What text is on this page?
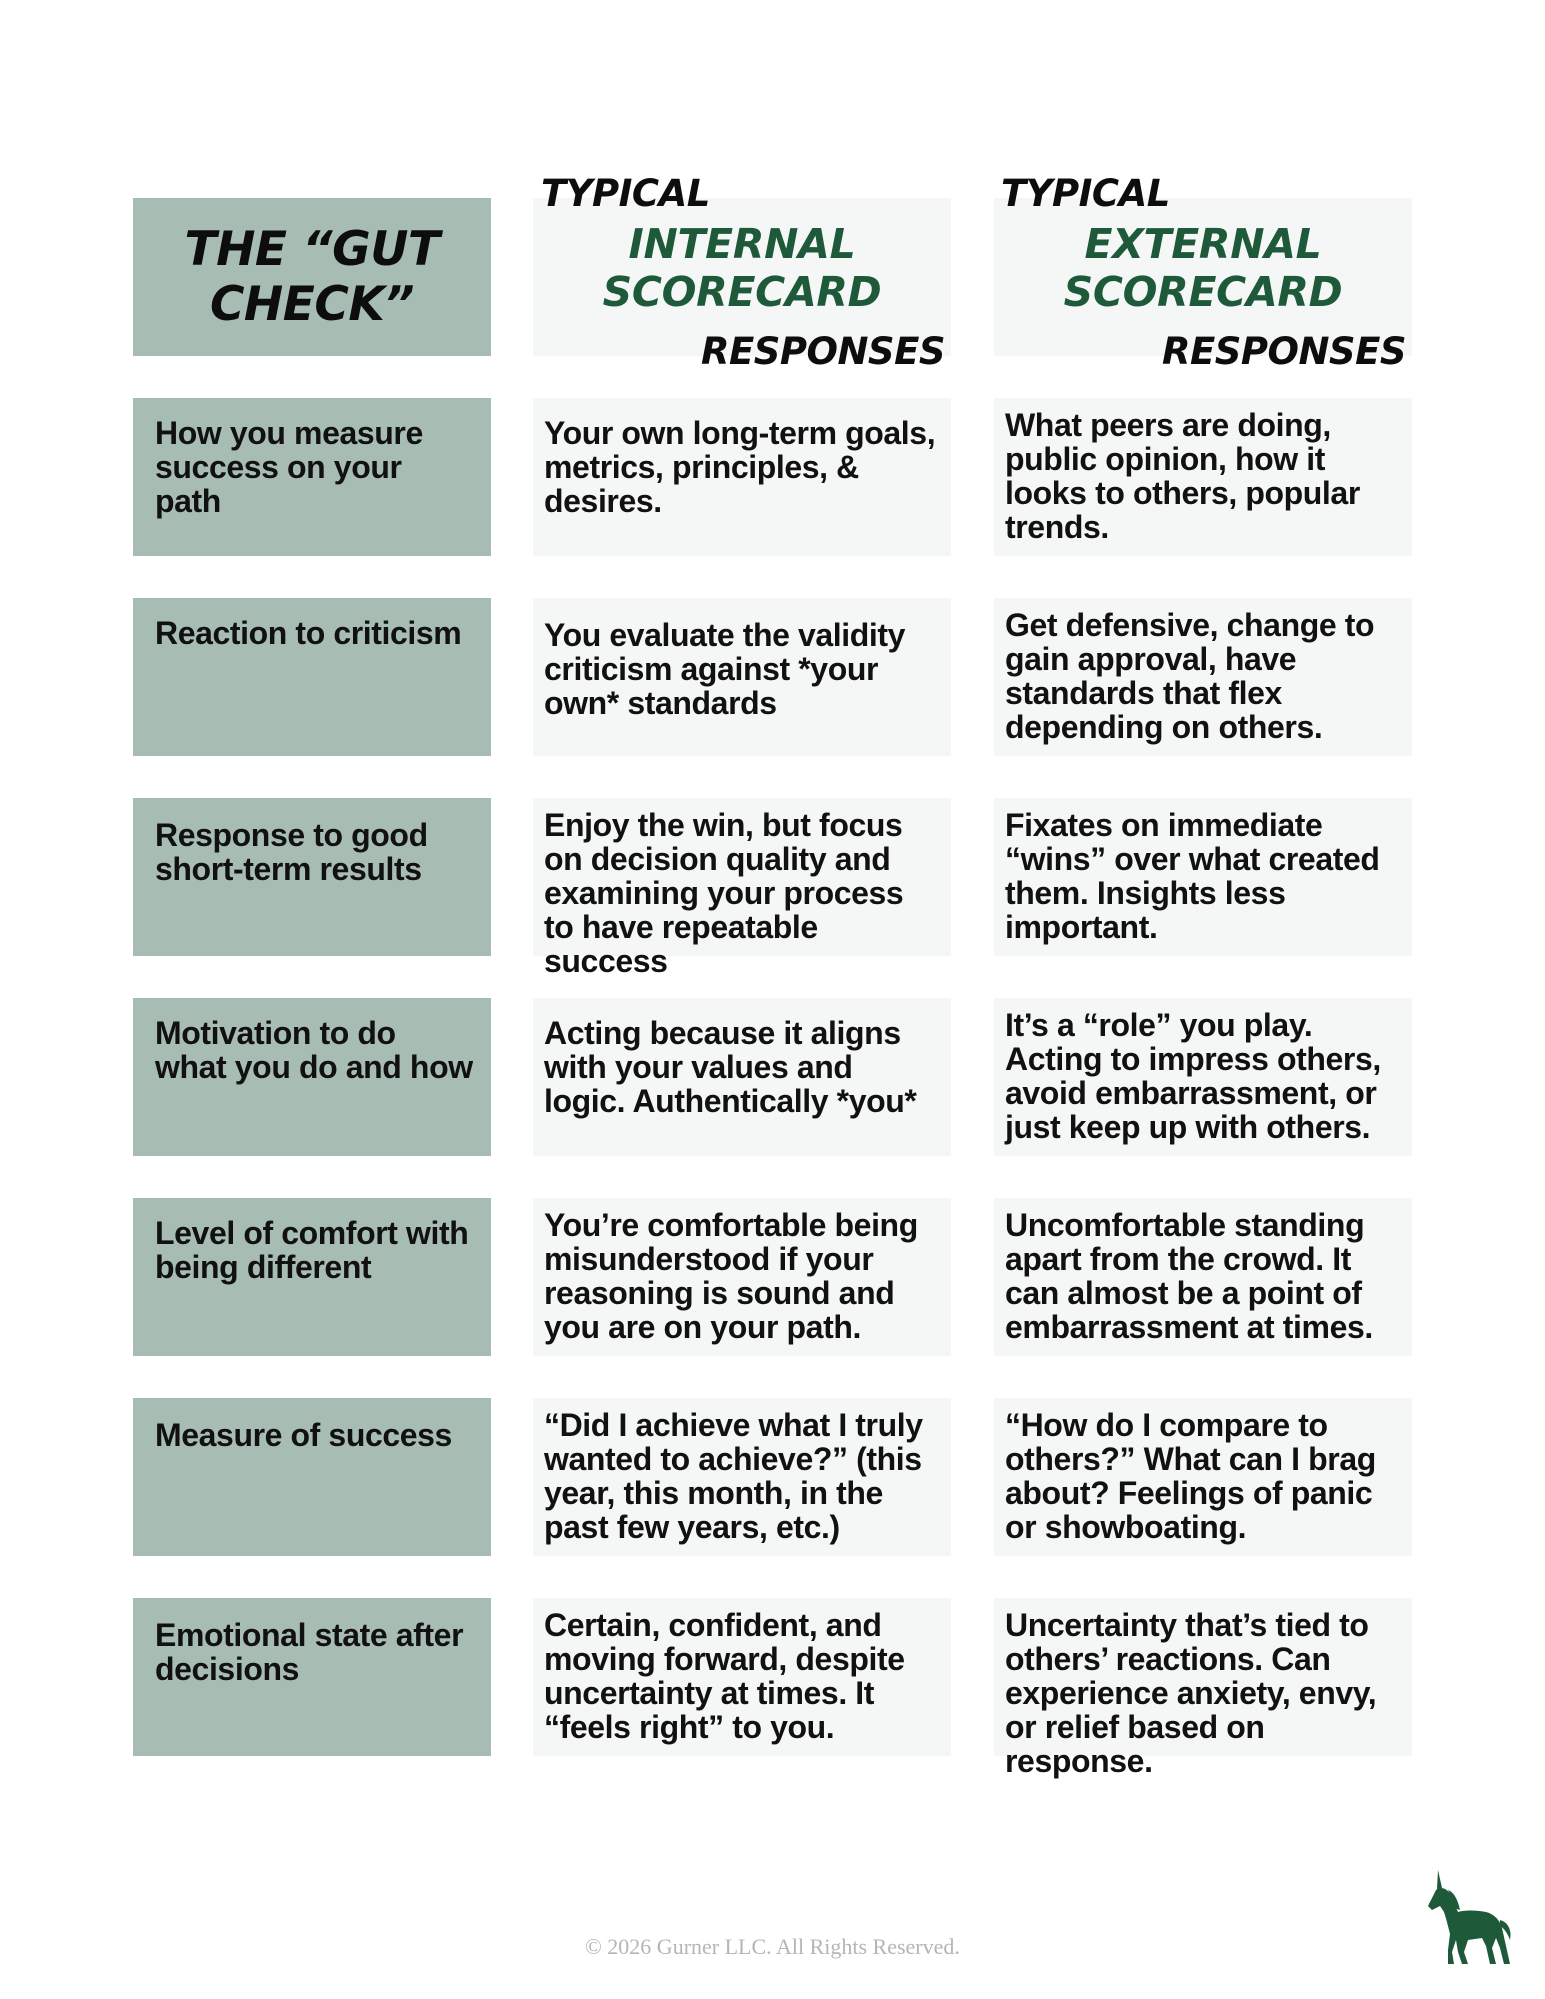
THE “GUT CHECK”
TYPICAL
INTERNAL SCORECARD
RESPONSES
TYPICAL
EXTERNAL SCORECARD
RESPONSES
How you measure success on your path
Your own long-term goals, metrics, principles, & desires.
What peers are doing, public opinion, how it looks to others, popular trends.
Reaction to criticism	You evaluate the validity criticism against *your own* standards
Get defensive, change to gain approval, have standards that flex depending on others.
Response to good short-term results
Enjoy the win, but focus on decision quality and examining your process to have repeatable success
Fixates on immediate “wins” over what created them. Insights less important.
Motivation to do what you do and how
Acting because it aligns with your values and logic. Authentically *you*
It’s a “role” you play. Acting to impress others, avoid embarrassment, or just keep up with others.
Level of comfort with being different
You’re comfortable being misunderstood if your reasoning is sound and you are on your path.
Uncomfortable standing apart from the crowd. It can almost be a point of embarrassment at times.
Measure of success	“Did I achieve what I truly wanted to achieve?” (this year, this month, in the past few years, etc.)
“How do I compare to others?” What can I brag about? Feelings of panic or showboating.
Emotional state after decisions
Certain, confident, and moving forward, despite uncertainty at times. It “feels right” to you.
Uncertainty that’s tied to others’ reactions. Can experience anxiety, envy, or relief based on response.
© 2026 Gurner LLC. All Rights Reserved.
